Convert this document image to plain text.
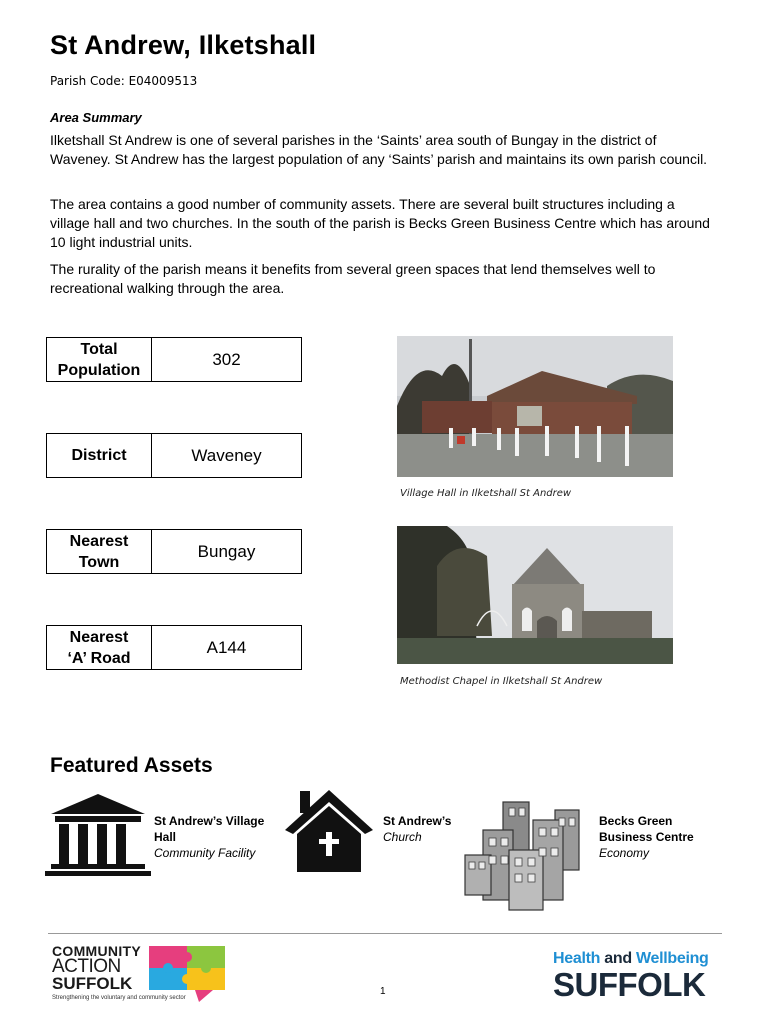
St Andrew, Ilketshall
Parish Code: E04009513
Area Summary

Ilketshall St Andrew is one of several parishes in the ‘Saints’ area south of Bungay in the district of Waveney. St Andrew has the largest population of any ‘Saints’ parish and maintains its own parish council.

The area contains a good number of community assets. There are several built structures including a village hall and two churches. In the south of the parish is Becks Green Business Centre which has around 10 light industrial units.

The rurality of the parish means it benefits from several green spaces that lend themselves well to recreational walking through the area.

Total
Population
302
District	Waveney
Nearest
Town
Bungay
Nearest
‘A’ Road
A144
Village Hall in Ilketshall St Andrew
Methodist Chapel in Ilketshall St Andrew
Featured Assets
St Andrew’s Village
Hall
Community Facility
St Andrew’s
Church
Becks Green
Business Centre
Economy
COMMUNITY
ACTION
SUFFOLK
Strengthening the voluntary and community sector
1
Health and Wellbeing
SUFFOLK
